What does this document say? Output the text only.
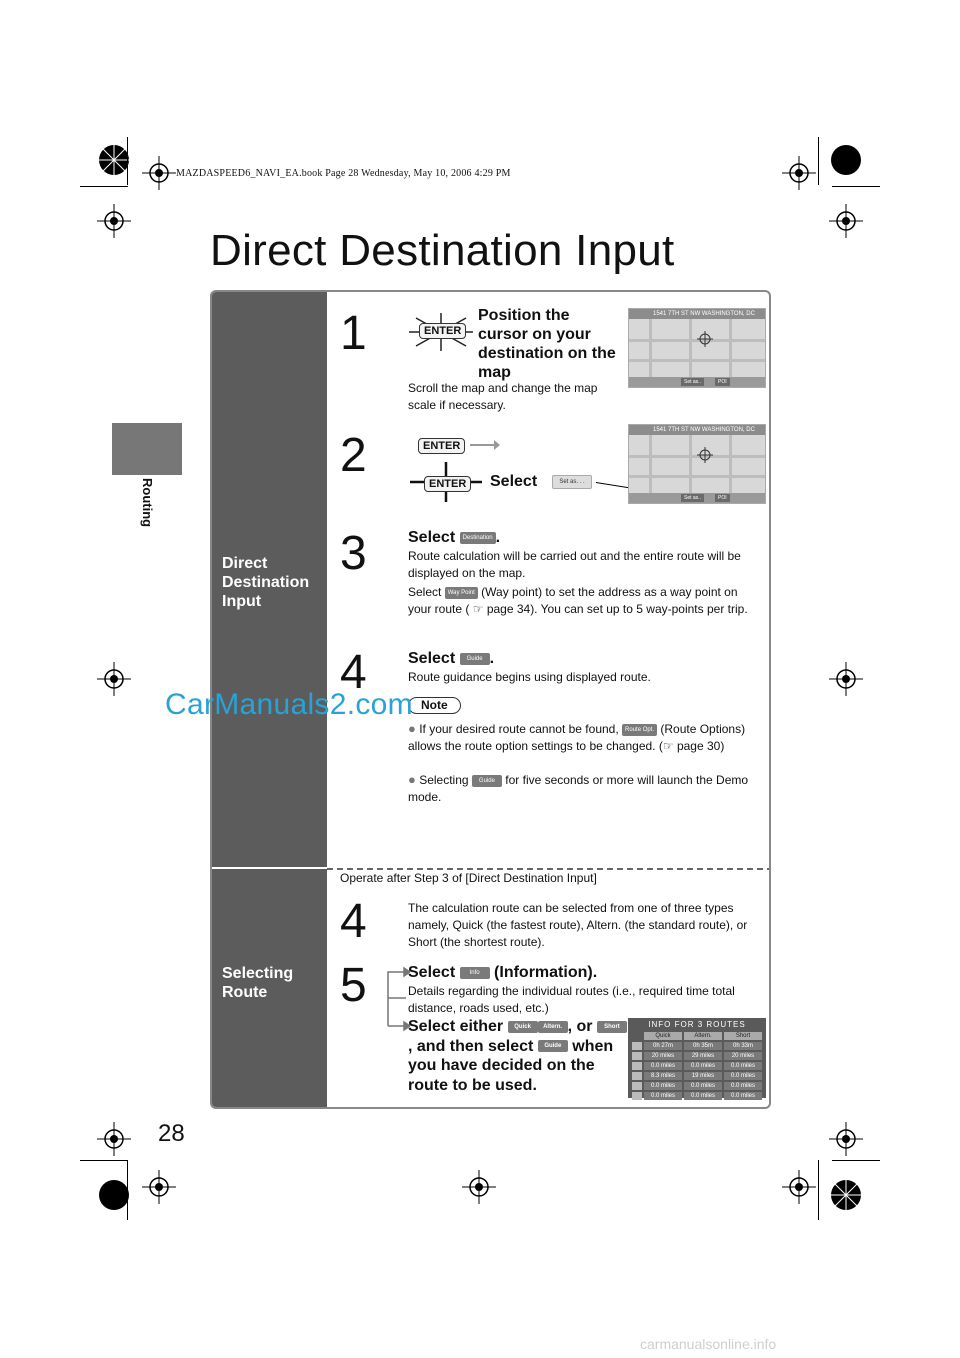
MAZDASPEED6_NAVI_EA.book Page 28 Wednesday, May 10, 2006 4:29 PM
Routing
Direct Destination Input
Direct Destination Input
Selecting Route
1	ENTER
Position the cursor on your destination on the map
Scroll the map and change the map scale if necessary.
1541 7TH ST NW WASHINGTON, DC
Set as..	POI
2	ENTER
ENTER	Select	Set as. . .
1541 7TH ST NW WASHINGTON, DC
Set as..	POI
3	Select Destination .
Route calculation will be carried out and the entire route will be displayed on the map.
Select Way Point (Way point) to set the address as a way point on your route ( ☞ page 34). You can set up to 5 way-points per trip.
4	Select Guide .
Route guidance begins using displayed route.
Note
● If your desired route cannot be found, Route Opt. (Route Options) allows the route option settings to be changed. (☞ page 30)
● Selecting Guide for five seconds or more will launch the Demo mode.
Operate after Step 3 of [Direct Destination Input]
4	The calculation route can be selected from one of three types namely, Quick (the fastest route), Altern. (the standard route), or Short (the shortest route).
5	Select Info (Information).
Details regarding the individual routes (i.e., required time total distance, roads used, etc.)
Select either Quick Altern. , or Short, and then select Guide when you have decided on the route to be used.
INFO FOR 3 ROUTES
Quick	Altern.	Short
0h 27m	0h 35m	0h 33m
20 miles	29 miles	20 miles
0.0 miles	0.0 miles	0.0 miles
8.3 miles	19 miles	0.0 miles
0.0 miles	0.0 miles	0.0 miles
0.0 miles	0.0 miles	0.0 miles
CarManuals2.com
28
carmanualsonline.info
